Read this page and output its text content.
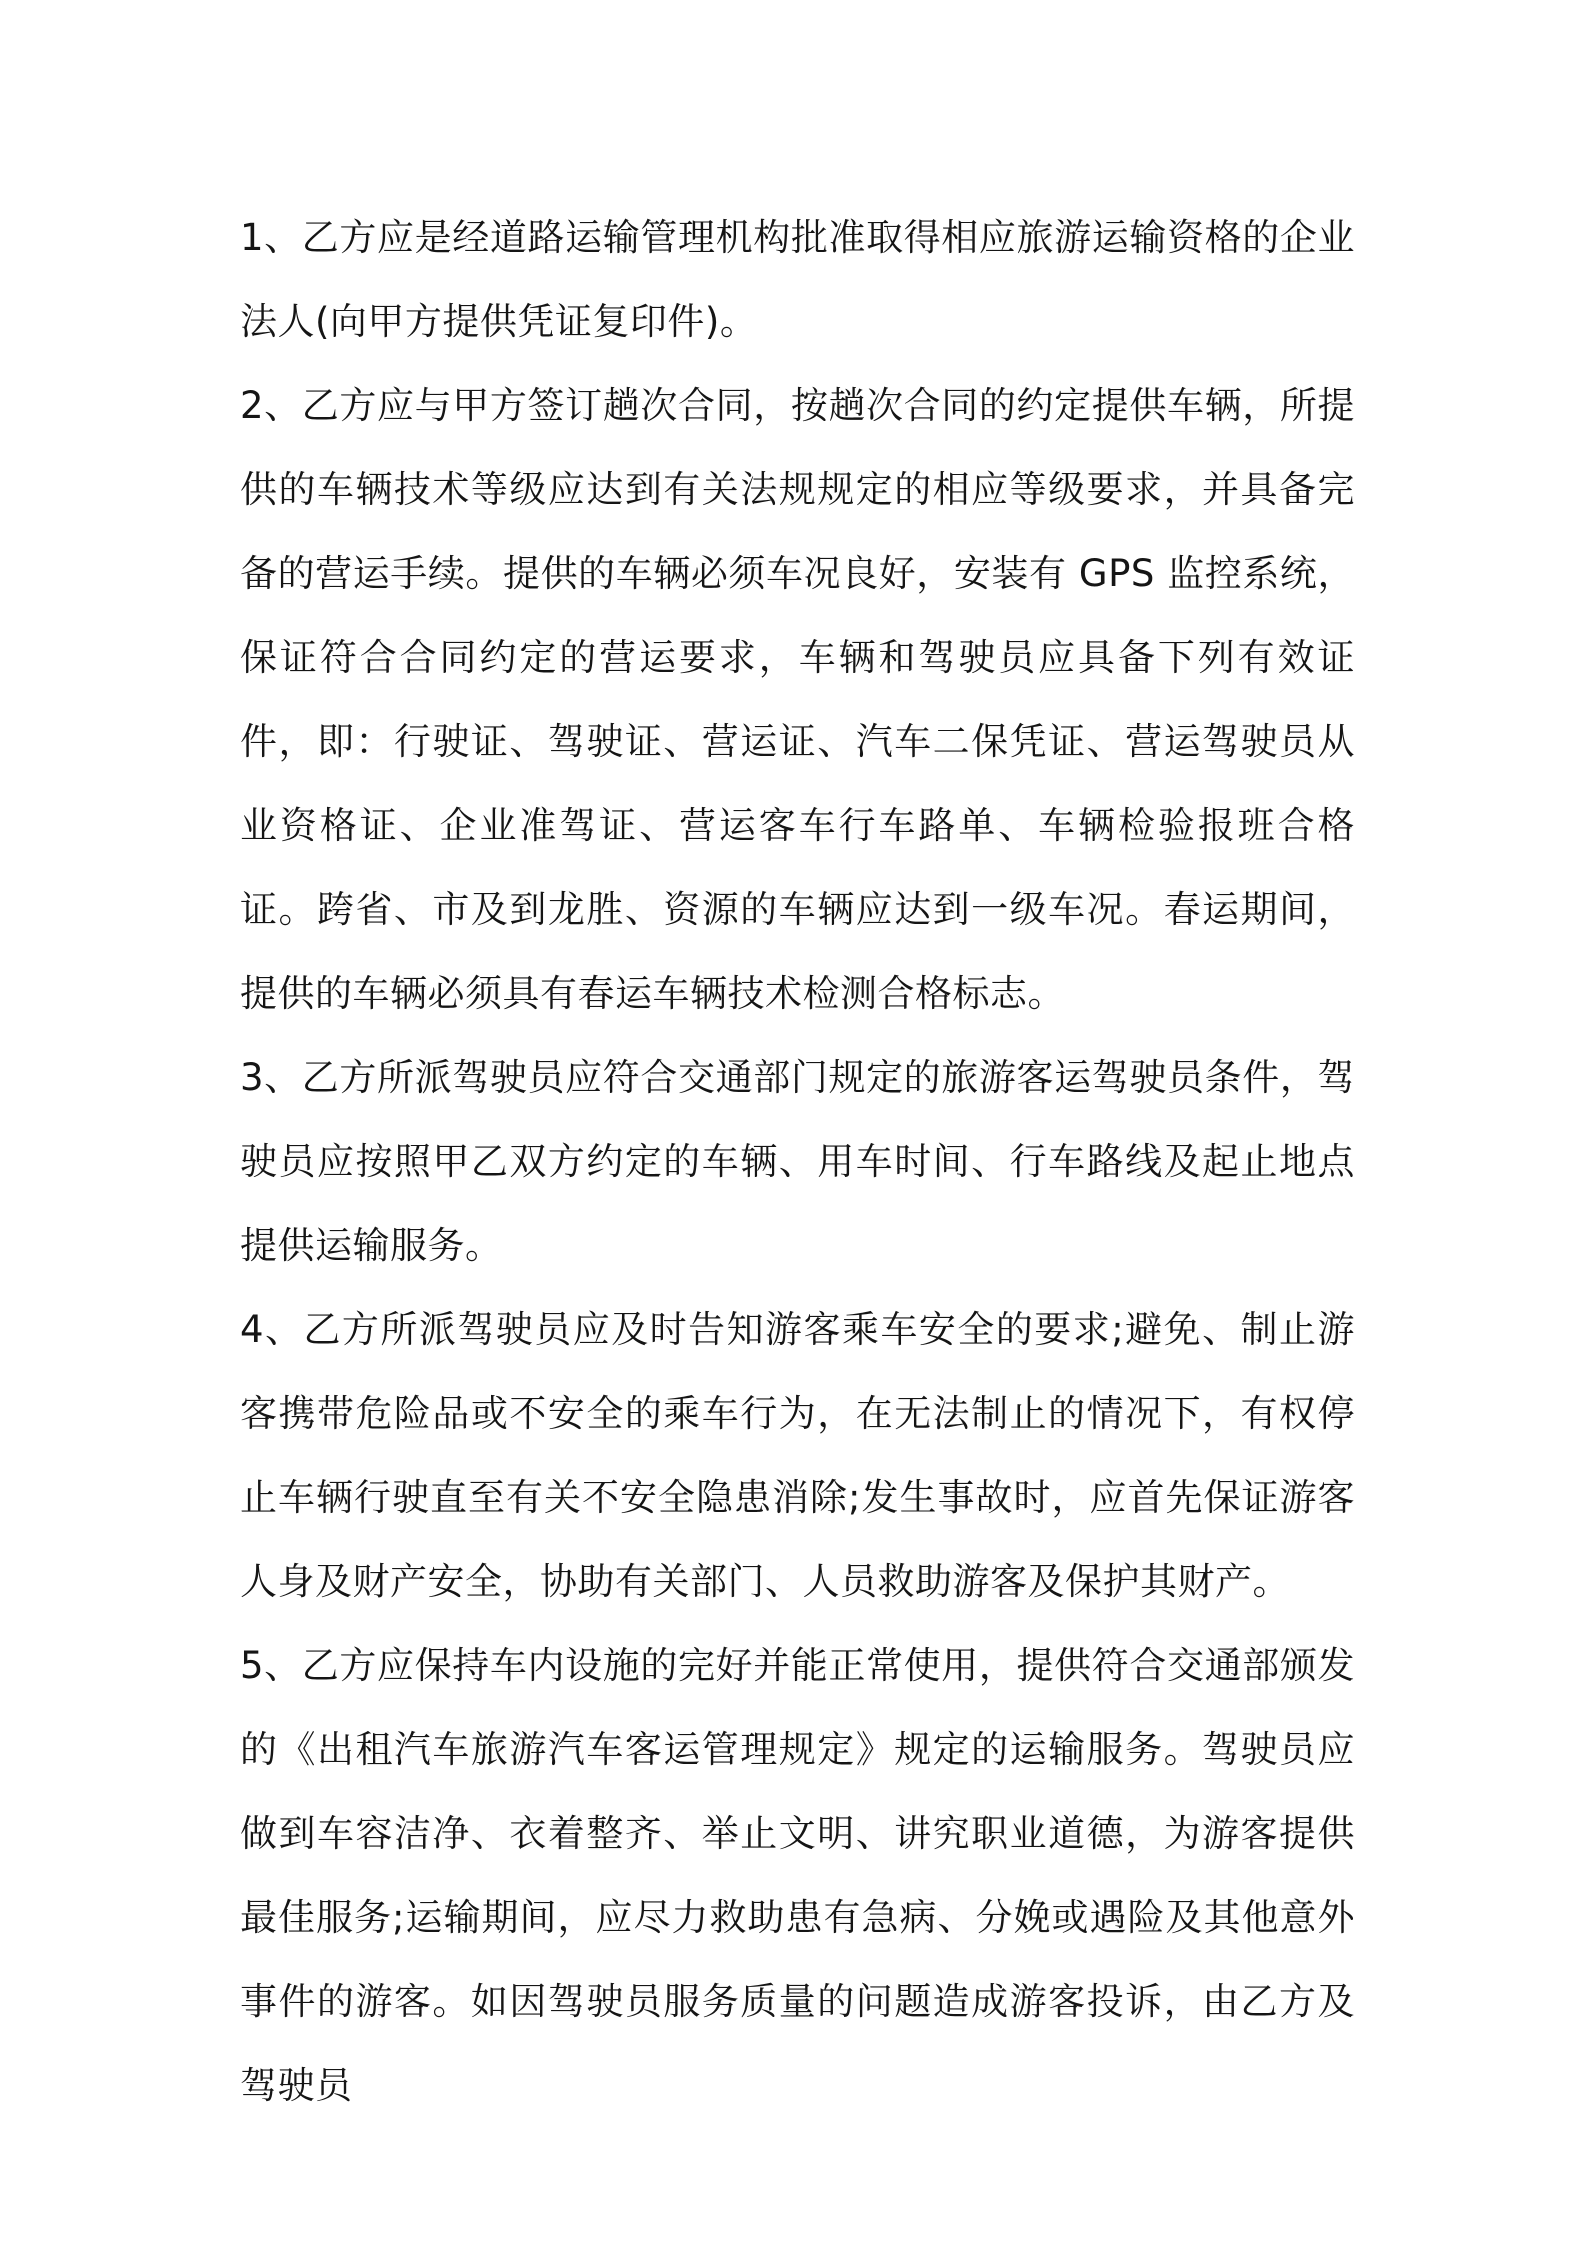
1、乙方应是经道路运输管理机构批准取得相应旅游运输资格的企业法人(向甲方提供凭证复印件)。

2、乙方应与甲方签订趟次合同，按趟次合同的约定提供车辆，所提供的车辆技术等级应达到有关法规规定的相应等级要求，并具备完备的营运手续。提供的车辆必须车况良好，安装有 GPS 监控系统，保证符合合同约定的营运要求，车辆和驾驶员应具备下列有效证件，即：行驶证、驾驶证、营运证、汽车二保凭证、营运驾驶员从业资格证、企业准驾证、营运客车行车路单、车辆检验报班合格证。跨省、市及到龙胜、资源的车辆应达到一级车况。春运期间，提供的车辆必须具有春运车辆技术检测合格标志。

3、乙方所派驾驶员应符合交通部门规定的旅游客运驾驶员条件，驾驶员应按照甲乙双方约定的车辆、用车时间、行车路线及起止地点提供运输服务。

4、乙方所派驾驶员应及时告知游客乘车安全的要求;避免、制止游客携带危险品或不安全的乘车行为，在无法制止的情况下，有权停止车辆行驶直至有关不安全隐患消除;发生事故时，应首先保证游客人身及财产安全，协助有关部门、人员救助游客及保护其财产。

5、乙方应保持车内设施的完好并能正常使用，提供符合交通部颁发的《出租汽车旅游汽车客运管理规定》规定的运输服务。驾驶员应做到车容洁净、衣着整齐、举止文明、讲究职业道德，为游客提供最佳服务;运输期间，应尽力救助患有急病、分娩或遇险及其他意外事件的游客。如因驾驶员服务质量的问题造成游客投诉，由乙方及驾驶员
